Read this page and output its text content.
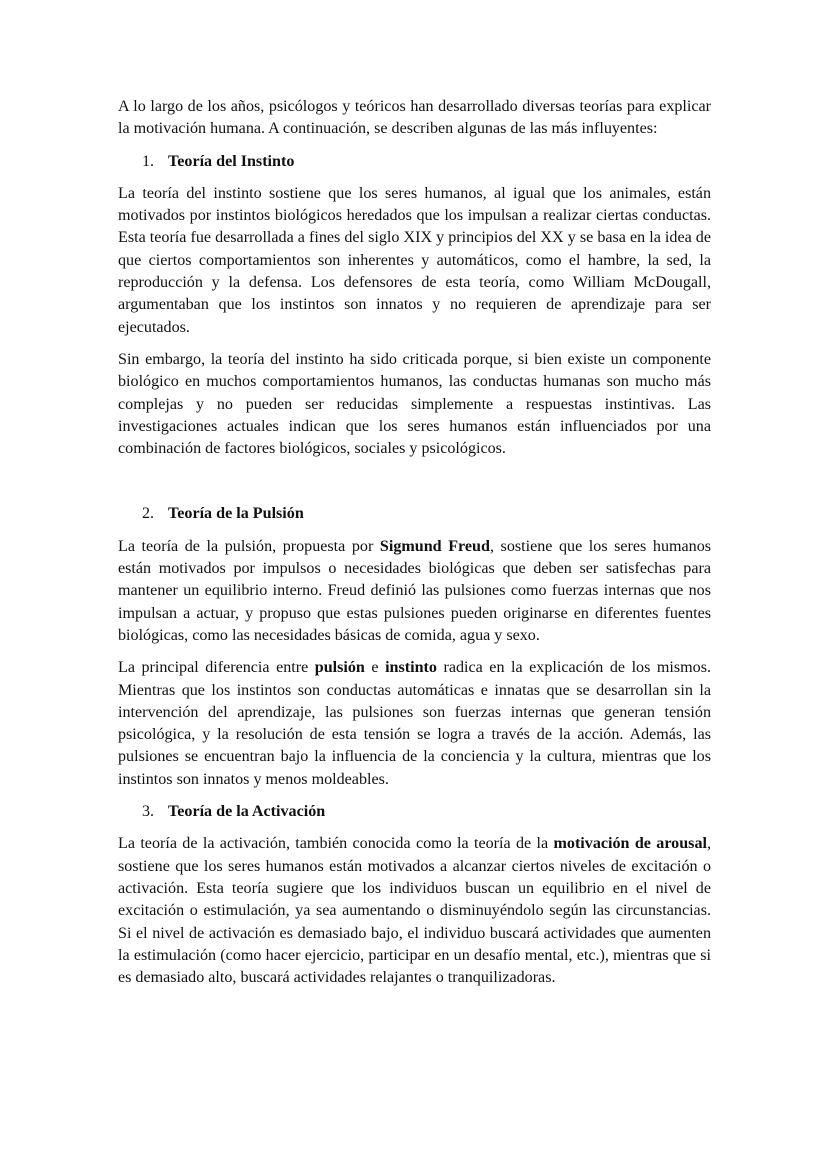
A lo largo de los años, psicólogos y teóricos han desarrollado diversas teorías para explicar la motivación humana. A continuación, se describen algunas de las más influyentes:

1. Teoría del Instinto

La teoría del instinto sostiene que los seres humanos, al igual que los animales, están motivados por instintos biológicos heredados que los impulsan a realizar ciertas conductas. Esta teoría fue desarrollada a fines del siglo XIX y principios del XX y se basa en la idea de que ciertos comportamientos son inherentes y automáticos, como el hambre, la sed, la reproducción y la defensa. Los defensores de esta teoría, como William McDougall, argumentaban que los instintos son innatos y no requieren de aprendizaje para ser ejecutados.

Sin embargo, la teoría del instinto ha sido criticada porque, si bien existe un componente biológico en muchos comportamientos humanos, las conductas humanas son mucho más complejas y no pueden ser reducidas simplemente a respuestas instintivas. Las investigaciones actuales indican que los seres humanos están influenciados por una combinación de factores biológicos, sociales y psicológicos.

2. Teoría de la Pulsión

La teoría de la pulsión, propuesta por Sigmund Freud, sostiene que los seres humanos están motivados por impulsos o necesidades biológicas que deben ser satisfechas para mantener un equilibrio interno. Freud definió las pulsiones como fuerzas internas que nos impulsan a actuar, y propuso que estas pulsiones pueden originarse en diferentes fuentes biológicas, como las necesidades básicas de comida, agua y sexo.

La principal diferencia entre pulsión e instinto radica en la explicación de los mismos. Mientras que los instintos son conductas automáticas e innatas que se desarrollan sin la intervención del aprendizaje, las pulsiones son fuerzas internas que generan tensión psicológica, y la resolución de esta tensión se logra a través de la acción. Además, las pulsiones se encuentran bajo la influencia de la conciencia y la cultura, mientras que los instintos son innatos y menos moldeables.

3. Teoría de la Activación

La teoría de la activación, también conocida como la teoría de la motivación de arousal, sostiene que los seres humanos están motivados a alcanzar ciertos niveles de excitación o activación. Esta teoría sugiere que los individuos buscan un equilibrio en el nivel de excitación o estimulación, ya sea aumentando o disminuyéndolo según las circunstancias. Si el nivel de activación es demasiado bajo, el individuo buscará actividades que aumenten la estimulación (como hacer ejercicio, participar en un desafío mental, etc.), mientras que si es demasiado alto, buscará actividades relajantes o tranquilizadoras.
